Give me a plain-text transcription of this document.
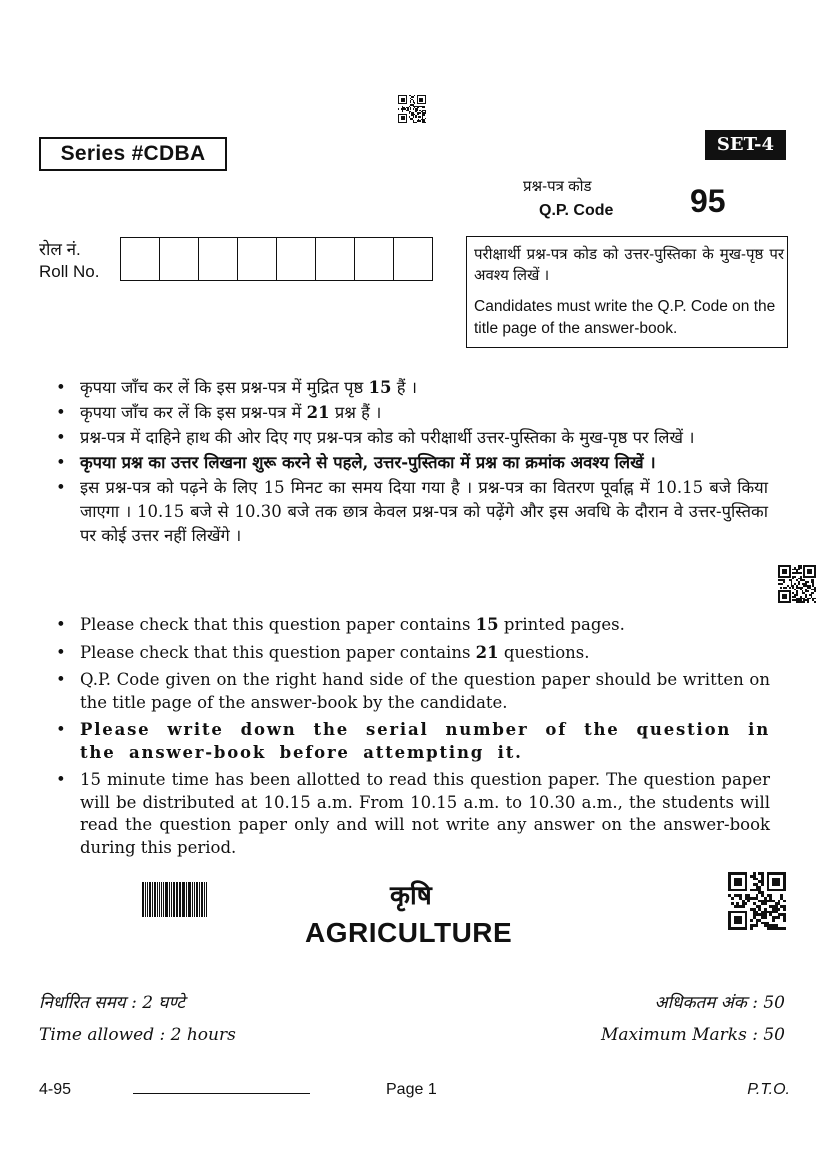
Series #CDBA	SET-4
प्रश्न-पत्र कोड
Q.P. Code 95
रोल नं.
Roll No.
परीक्षार्थी प्रश्न-पत्र कोड को उत्तर-पुस्तिका के मुख-पृष्ठ पर अवश्य लिखें ।
Candidates must write the Q.P. Code on the title page of the answer-book.
• कृपया जाँच कर लें कि इस प्रश्न-पत्र में मुद्रित पृष्ठ 15 हैं ।
• कृपया जाँच कर लें कि इस प्रश्न-पत्र में 21 प्रश्न हैं ।
• प्रश्न-पत्र में दाहिने हाथ की ओर दिए गए प्रश्न-पत्र कोड को परीक्षार्थी उत्तर-पुस्तिका के मुख-पृष्ठ पर लिखें ।
• कृपया प्रश्न का उत्तर लिखना शुरू करने से पहले, उत्तर-पुस्तिका में प्रश्न का क्रमांक अवश्य लिखें ।
• इस प्रश्न-पत्र को पढ़ने के लिए 15 मिनट का समय दिया गया है । प्रश्न-पत्र का वितरण पूर्वाह्न में 10.15 बजे किया जाएगा । 10.15 बजे से 10.30 बजे तक छात्र केवल प्रश्न-पत्र को पढ़ेंगे और इस अवधि के दौरान वे उत्तर-पुस्तिका पर कोई उत्तर नहीं लिखेंगे ।
• Please check that this question paper contains 15 printed pages.
• Please check that this question paper contains 21 questions.
• Q.P. Code given on the right hand side of the question paper should be written on the title page of the answer-book by the candidate.
• Please write down the serial number of the question in the answer-book before attempting it.
• 15 minute time has been allotted to read this question paper. The question paper will be distributed at 10.15 a.m. From 10.15 a.m. to 10.30 a.m., the students will read the question paper only and will not write any answer on the answer-book during this period.
कृषि
AGRICULTURE
निर्धारित समय : 2 घण्टे
Time allowed : 2 hours
अधिकतम अंक : 50
Maximum Marks : 50
4-95	Page 1	P.T.O.
